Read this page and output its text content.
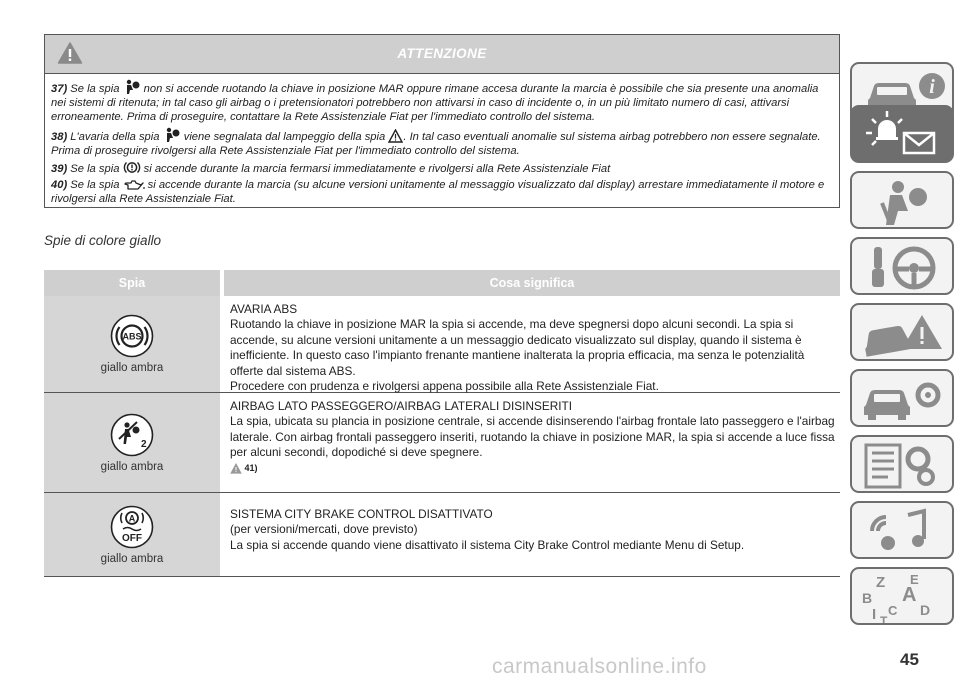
ATTENZIONE
37) Se la spia non si accende ruotando la chiave in posizione MAR oppure rimane accesa durante la marcia è possibile che sia presente una anomalia nei sistemi di ritenuta; in tal caso gli airbag o i pretensionatori potrebbero non attivarsi in caso di incidente o, in un più limitato numero di casi, attivarsi erroneamente. Prima di proseguire, contattare la Rete Assistenziale Fiat per l'immediato controllo del sistema.
38) L'avaria della spia viene segnalata dal lampeggio della spia . In tal caso eventuali anomalie sul sistema airbag potrebbero non essere segnalate. Prima di proseguire rivolgersi alla Rete Assistenziale Fiat per l'immediato controllo del sistema.
39) Se la spia si accende durante la marcia fermarsi immediatamente e rivolgersi alla Rete Assistenziale Fiat
40) Se la spia	si accende durante la marcia (su alcune versioni unitamente al messaggio visualizzato dal display) arrestare immediatamente il motore e rivolgersi alla Rete Assistenziale Fiat.
Spie di colore giallo
Spia	Cosa significa
ABS
giallo ambra
AVARIA ABS
Ruotando la chiave in posizione MAR la spia si accende, ma deve spegnersi dopo alcuni secondi. La spia si accende, su alcune versioni unitamente a un messaggio dedicato visualizzato sul display, quando il sistema è inefficiente. In questo caso l'impianto frenante mantiene inalterata la propria efficacia, ma senza le potenzialità offerte dal sistema ABS.
Procedere con prudenza e rivolgersi appena possibile alla Rete Assistenziale Fiat.
2
giallo ambra
AIRBAG LATO PASSEGGERO/AIRBAG LATERALI DISINSERITI
La spia, ubicata su plancia in posizione centrale, si accende disinserendo l'airbag frontale lato passeggero e l'airbag laterale. Con airbag frontali passeggero inseriti, ruotando la chiave in posizione MAR, la spia si accende a luce fissa per alcuni secondi, dopodiché si deve spegnere.
41)
A
OFF
giallo ambra
SISTEMA CITY BRAKE CONTROL DISATTIVATO
(per versioni/mercati, dove previsto)
La spia si accende quando viene disattivato il sistema City Brake Control mediante Menu di Setup.
i
Z E
A
B
C
I T
D
45
carmanualsonline.info
